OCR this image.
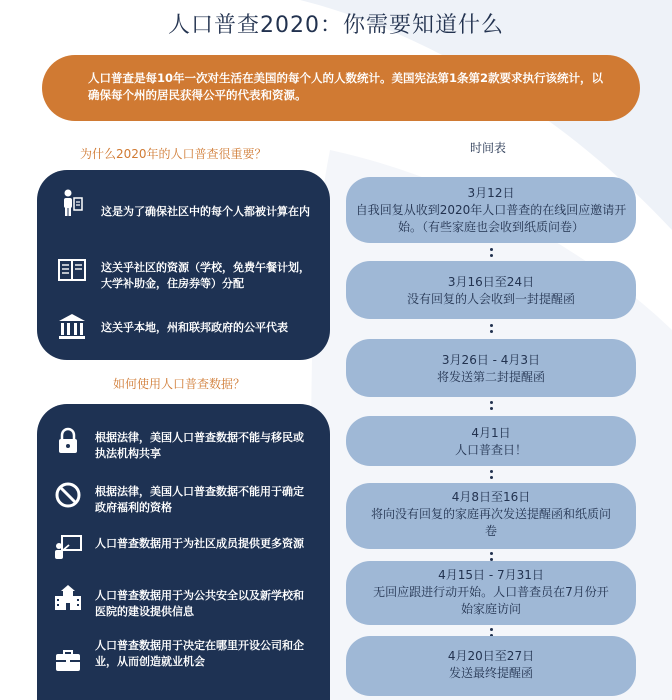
人口普查2020：你需要知道什么
人口普查是每10年一次对生活在美国的每个人的人数统计。美国宪法第1条第2款要求执行该统计，以确保每个州的居民获得公平的代表和资源。
为什么2020年的人口普查很重要？
这是为了确保社区中的每个人都被计算在内
这关乎社区的资源（学校，免费午餐计划，大学补助金，住房券等）分配
这关乎本地，州和联邦政府的公平代表
如何使用人口普查数据？
根据法律，美国人口普查数据不能与移民或执法机构共享
根据法律，美国人口普查数据不能用于确定政府福利的资格
人口普查数据用于为社区成员提供更多资源
人口普查数据用于为公共安全以及新学校和医院的建设提供信息
人口普查数据用于决定在哪里开设公司和企业，从而创造就业机会
时间表
3月12日
自我回复从收到2020年人口普查的在线回应邀请开始。（有些家庭也会收到纸质问卷）
3月16日至24日
没有回复的人会收到一封提醒函
3月26日 - 4月3日
将发送第二封提醒函
4月1日
人口普查日！
4月8日至16日
将向没有回复的家庭再次发送提醒函和纸质问卷
4月15日 - 7月31日
无回应跟进行动开始。人口普查员在7月份开始家庭访问
4月20日至27日
发送最终提醒函
